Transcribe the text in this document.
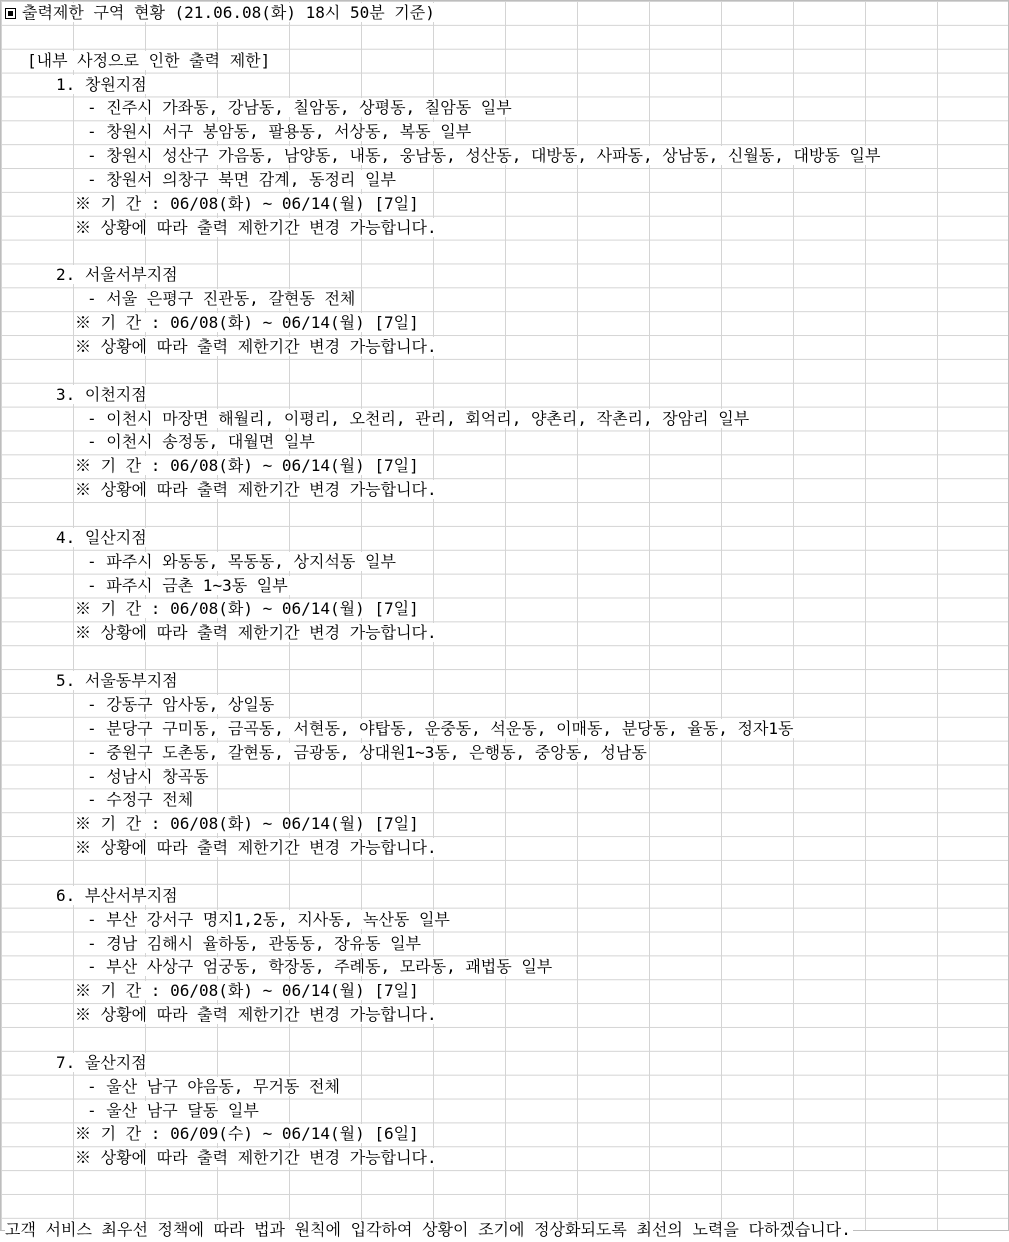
출력제한 구역 현황 (21.06.08(화) 18시 50분 기준)
[내부 사정으로 인한 출력 제한]
1. 창원지점
- 진주시 가좌동, 강남동, 칠암동, 상평동, 칠암동 일부
- 창원시 서구 봉암동, 팔용동, 서상동, 복동 일부
- 창원시 성산구 가음동, 남양동, 내동, 웅남동, 성산동, 대방동, 사파동, 상남동, 신월동, 대방동 일부
- 창원서 의창구 북면 감계, 동정리 일부
※ 기 간 : 06/08(화) ~ 06/14(월) [7일]
※ 상황에 따라 출력 제한기간 변경 가능합니다.
2. 서울서부지점
- 서울 은평구 진관동, 갈현동 전체
※ 기 간 : 06/08(화) ~ 06/14(월) [7일]
※ 상황에 따라 출력 제한기간 변경 가능합니다.
3. 이천지점
- 이천시 마장면 해월리, 이평리, 오천리, 관리, 회억리, 양촌리, 작촌리, 장암리 일부
- 이천시 송정동, 대월면 일부
※ 기 간 : 06/08(화) ~ 06/14(월) [7일]
※ 상황에 따라 출력 제한기간 변경 가능합니다.
4. 일산지점
- 파주시 와동동, 목동동, 상지석동 일부
- 파주시 금촌 1~3동 일부
※ 기 간 : 06/08(화) ~ 06/14(월) [7일]
※ 상황에 따라 출력 제한기간 변경 가능합니다.
5. 서울동부지점
- 강동구 암사동, 상일동
- 분당구 구미동, 금곡동, 서현동, 야탑동, 운중동, 석운동, 이매동, 분당동, 율동, 정자1동
- 중원구 도촌동, 갈현동, 금광동, 상대원1~3동, 은행동, 중앙동, 성남동
- 성남시 창곡동
- 수정구 전체
※ 기 간 : 06/08(화) ~ 06/14(월) [7일]
※ 상황에 따라 출력 제한기간 변경 가능합니다.
6. 부산서부지점
- 부산 강서구 명지1,2동, 지사동, 녹산동 일부
- 경남 김해시 율하동, 관동동, 장유동 일부
- 부산 사상구 엄궁동, 학장동, 주례동, 모라동, 괘법동 일부
※ 기 간 : 06/08(화) ~ 06/14(월) [7일]
※ 상황에 따라 출력 제한기간 변경 가능합니다.
7. 울산지점
- 울산 남구 야음동, 무거동 전체
- 울산 남구 달동 일부
※ 기 간 : 06/09(수) ~ 06/14(월) [6일]
※ 상황에 따라 출력 제한기간 변경 가능합니다.
고객 서비스 최우선 정책에 따라 법과 원칙에 입각하여 상황이 조기에 정상화되도록 최선의 노력을 다하겠습니다.
